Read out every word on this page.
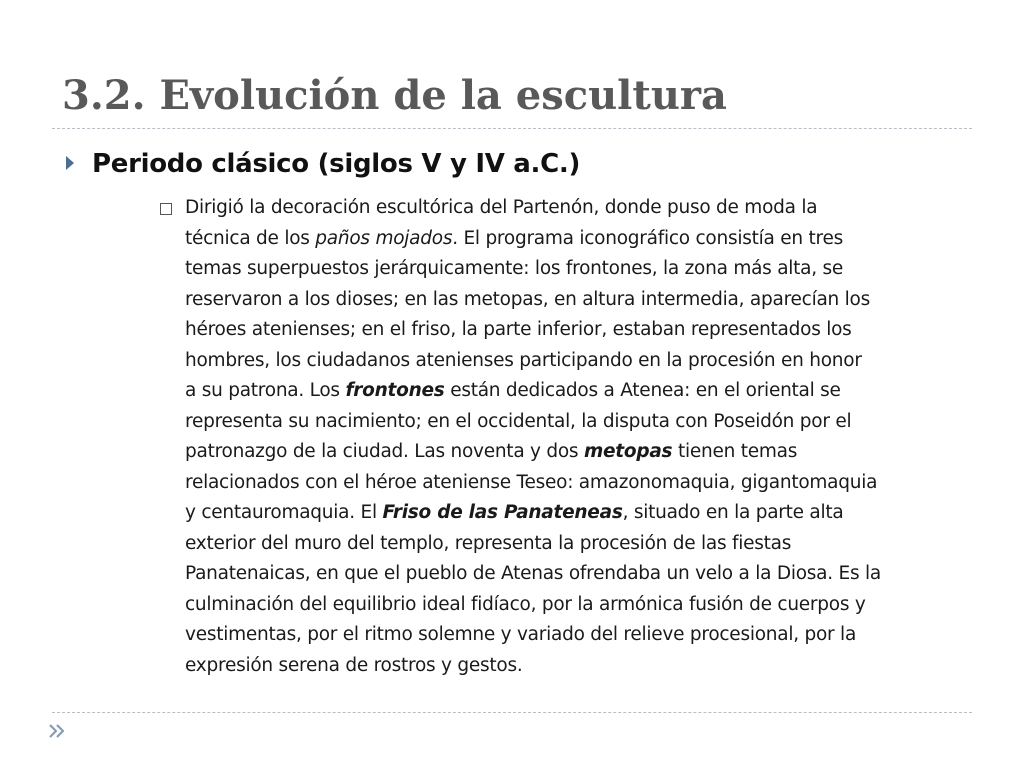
3.2. Evolución de la escultura
Periodo clásico (siglos V y IV a.C.)

Dirigió la decoración escultórica del Partenón, donde puso de moda la
técnica de los paños mojados. El programa iconográfico consistía en tres
temas superpuestos jerárquicamente: los frontones, la zona más alta, se
reservaron a los dioses; en las metopas, en altura intermedia, aparecían los
héroes atenienses; en el friso, la parte inferior, estaban representados los
hombres, los ciudadanos atenienses participando en la procesión en honor
a su patrona. Los frontones están dedicados a Atenea: en el oriental se
representa su nacimiento; en el occidental, la disputa con Poseidón por el
patronazgo de la ciudad. Las noventa y dos metopas tienen temas
relacionados con el héroe ateniense Teseo: amazonomaquia, gigantomaquia
y centauromaquia. El Friso de las Panateneas, situado en la parte alta
exterior del muro del templo, representa la procesión de las fiestas
Panatenaicas, en que el pueblo de Atenas ofrendaba un velo a la Diosa. Es la
culminación del equilibrio ideal fidíaco, por la armónica fusión de cuerpos y
vestimentas, por el ritmo solemne y variado del relieve procesional, por la
expresión serena de rostros y gestos.
